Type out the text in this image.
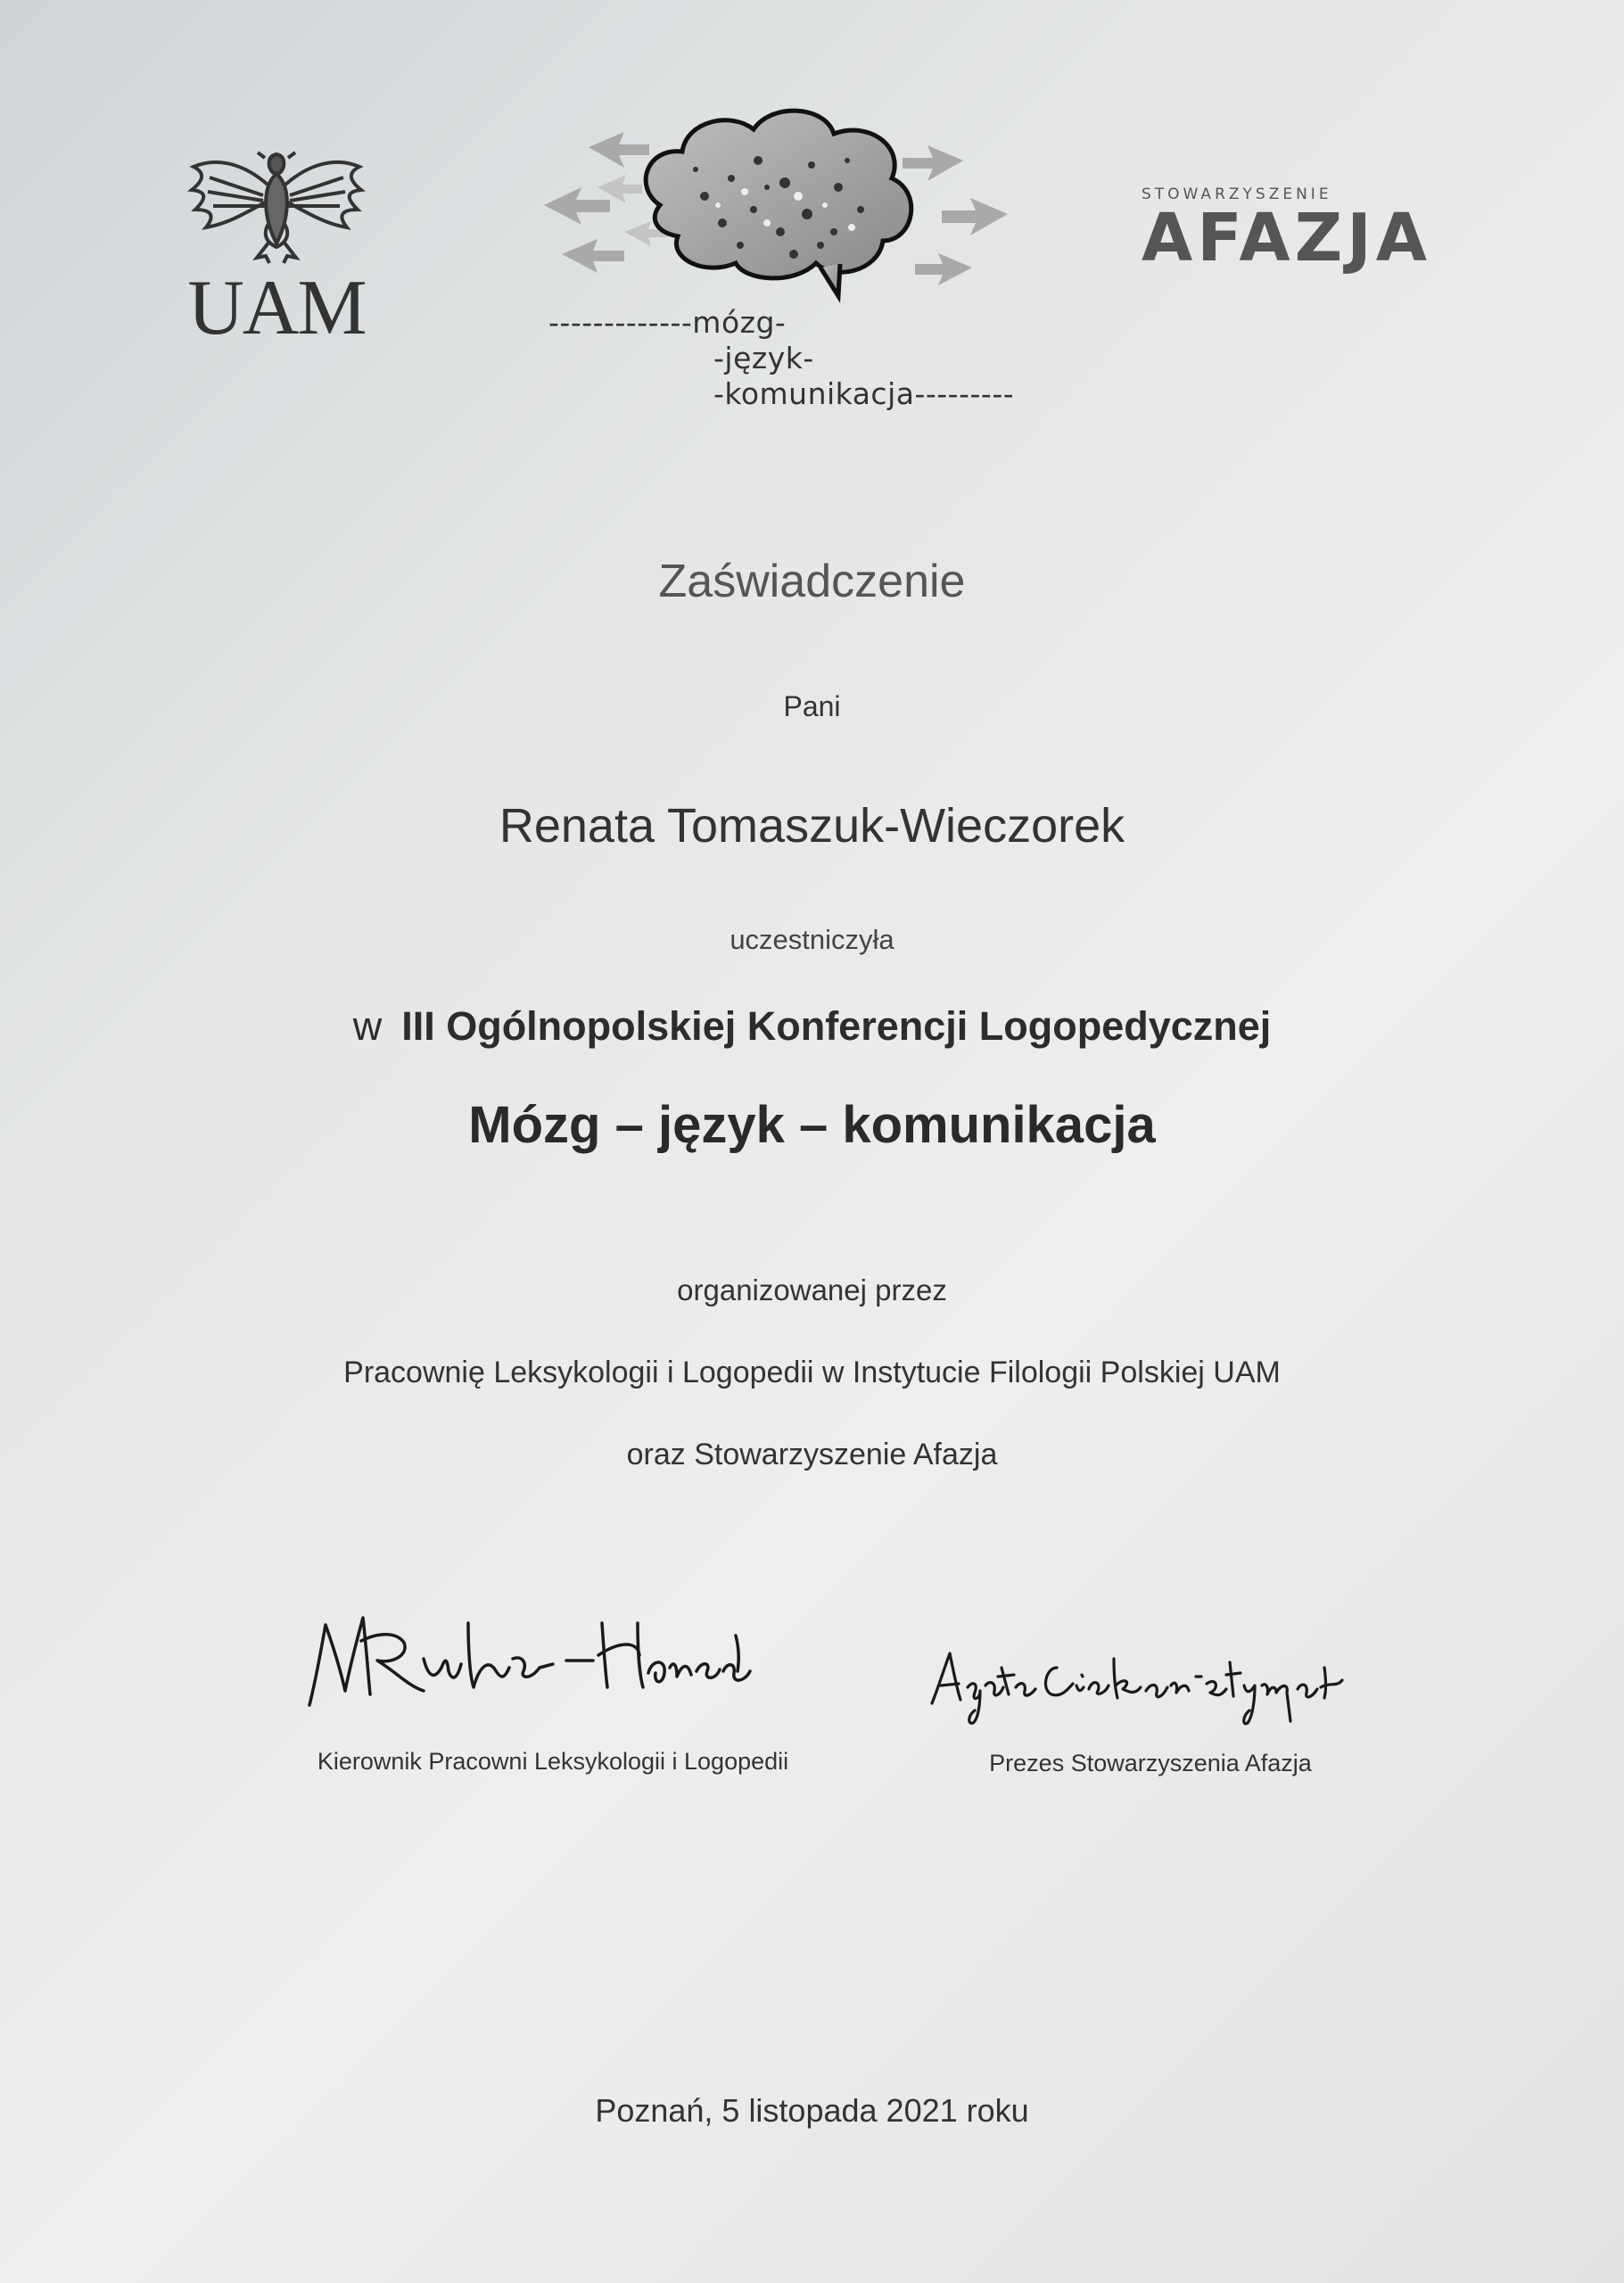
UAM	-------------mózg-
-język-
-komunikacja---------
STOWARZYSZENIE
AFAZJA
Zaświadczenie
Pani
Renata Tomaszuk-Wieczorek
uczestniczyła
w III Ogólnopolskiej Konferencji Logopedycznej
Mózg – język – komunikacja
organizowanej przez
Pracownię Leksykologii i Logopedii w Instytucie Filologii Polskiej UAM
oraz Stowarzyszenie Afazja
Kierownik Pracowni Leksykologii i Logopedii	Prezes Stowarzyszenia Afazja
Poznań, 5 listopada 2021 roku
